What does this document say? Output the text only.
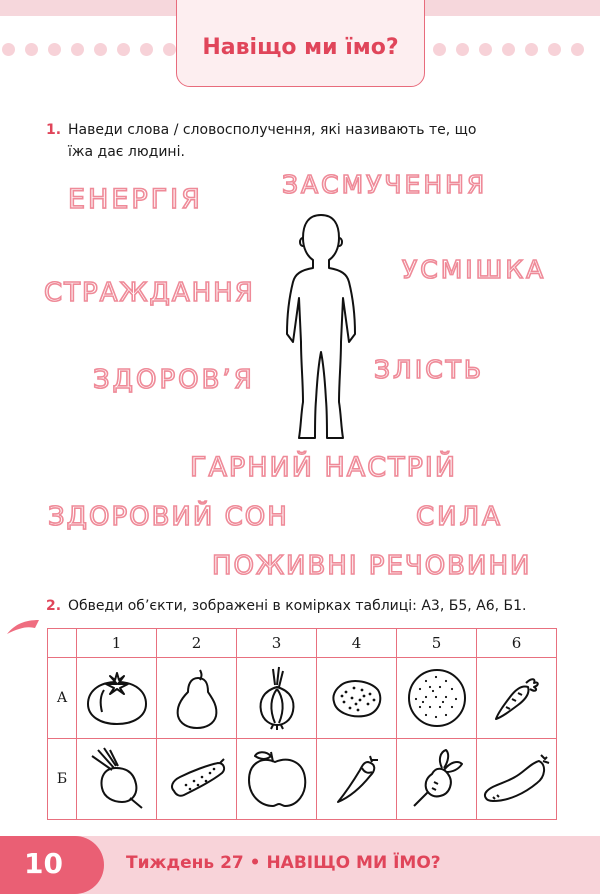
Навіщо ми їмо?
1. Наведи слова / словосполучення, які називають те, що їжа дає людині.
ЕНЕРГІЯ	ЗАСМУЧЕННЯ
УСМІШКА
СТРАЖДАННЯ
ЗДОРОВ’Я	ЗЛІСТЬ
ГАРНИЙ НАСТРІЙ
ЗДОРОВИЙ СОН	СИЛА
ПОЖИВНІ РЕЧОВИНИ
2. Обведи об’єкти, зображені в комірках таблиці: А3, Б5, А6, Б1.
	1	2	3	4	5	6
А	

Б	

10	Тиждень 27 • НАВІЩО МИ ЇМО?
